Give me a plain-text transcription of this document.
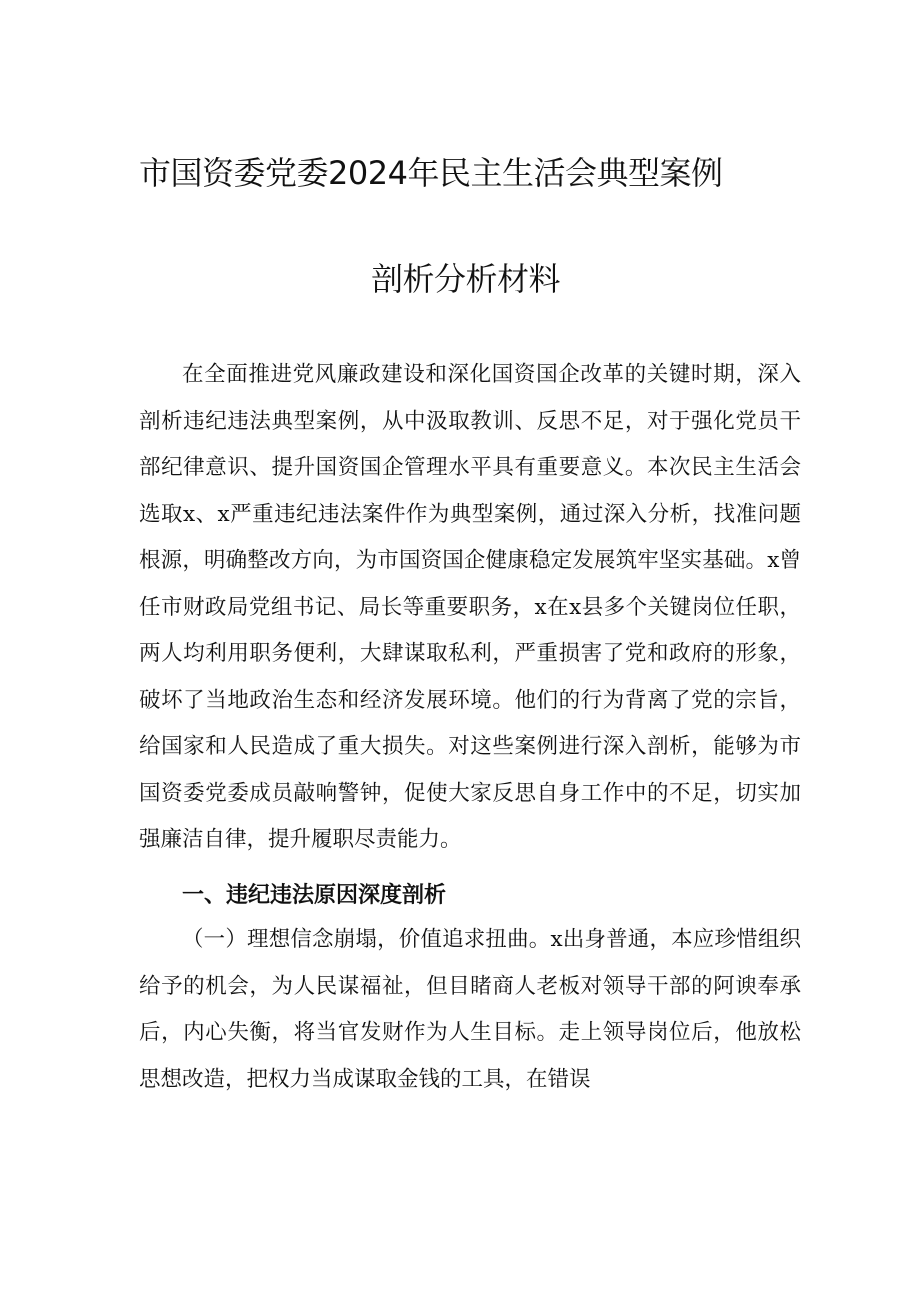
市国资委党委2024年民主生活会典型案例
剖析分析材料

在全面推进党风廉政建设和深化国资国企改革的关键时期，深入剖析违纪违法典型案例，从中汲取教训、反思不足，对于强化党员干部纪律意识、提升国资国企管理水平具有重要意义。本次民主生活会选取x、x严重违纪违法案件作为典型案例，通过深入分析，找准问题根源，明确整改方向，为市国资国企健康稳定发展筑牢坚实基础。x曾任市财政局党组书记、局长等重要职务，x在x县多个关键岗位任职，两人均利用职务便利，大肆谋取私利，严重损害了党和政府的形象，破坏了当地政治生态和经济发展环境。他们的行为背离了党的宗旨，给国家和人民造成了重大损失。对这些案例进行深入剖析，能够为市国资委党委成员敲响警钟，促使大家反思自身工作中的不足，切实加强廉洁自律，提升履职尽责能力。

一、违纪违法原因深度剖析

（一）理想信念崩塌，价值追求扭曲。x出身普通，本应珍惜组织给予的机会，为人民谋福祉，但目睹商人老板对领导干部的阿谀奉承后，内心失衡，将当官发财作为人生目标。走上领导岗位后，他放松思想改造，把权力当成谋取金钱的工具，在错误
